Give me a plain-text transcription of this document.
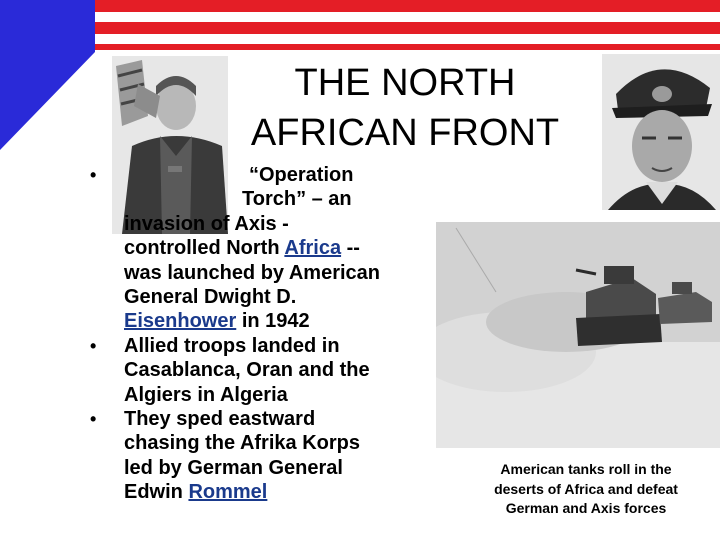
THE NORTH
AFRICAN FRONT
•	“Operation
Torch” – an
invasion of Axis -
controlled North Africa --
was launched by American
General Dwight D.
Eisenhower in 1942
• Allied troops landed in
Casablanca, Oran and the
Algiers in Algeria
• They sped eastward
chasing the Afrika Korps
led by German General
Edwin Rommel
American tanks roll in the
deserts of Africa and defeat
German and Axis forces
